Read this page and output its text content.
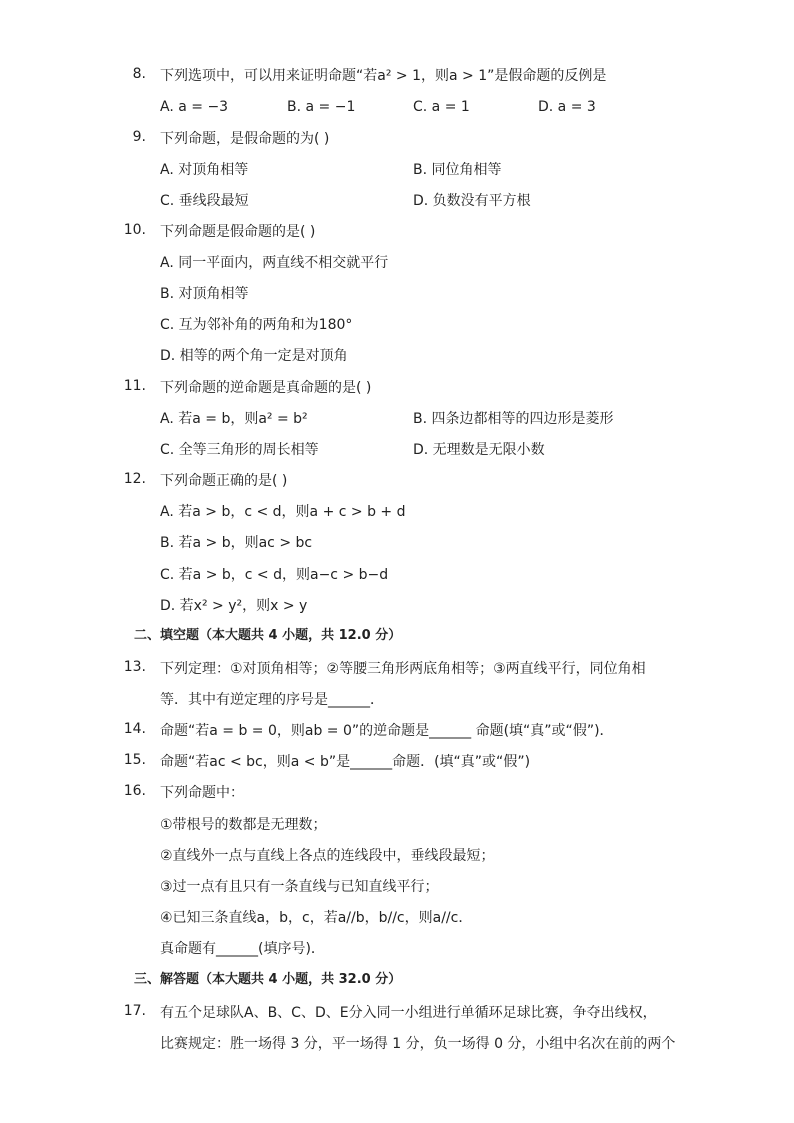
8. 下列选项中，可以用来证明命题“若a² > 1，则a > 1”是假命题的反例是
A. a = −3	B. a = −1	C. a = 1	D. a = 3
9. 下列命题，是假命题的为( )
A. 对顶角相等	B. 同位角相等
C. 垂线段最短	D. 负数没有平方根
10. 下列命题是假命题的是( )
A. 同一平面内，两直线不相交就平行
B. 对顶角相等
C. 互为邻补角的两角和为180°
D. 相等的两个角一定是对顶角
11. 下列命题的逆命题是真命题的是( )
A. 若a = b，则a² = b²	B. 四条边都相等的四边形是菱形
C. 全等三角形的周长相等	D. 无理数是无限小数
12. 下列命题正确的是( )
A. 若a > b，c < d，则a + c > b + d
B. 若a > b，则ac > bc
C. 若a > b，c < d，则a−c > b−d
D. 若x² > y²，则x > y
二、填空题（本大题共 4 小题，共 12.0 分）
13. 下列定理：①对顶角相等；②等腰三角形两底角相等；③两直线平行，同位角相
等．其中有逆定理的序号是______．
14. 命题“若a = b = 0，则ab = 0”的逆命题是______ 命题(填“真”或“假”)．
15. 命题“若ac < bc，则a < b”是______命题．(填“真”或“假”)
16. 下列命题中：
①带根号的数都是无理数；
②直线外一点与直线上各点的连线段中，垂线段最短；
③过一点有且只有一条直线与已知直线平行；
④已知三条直线a，b，c，若a//b，b//c，则a//c．
真命题有______(填序号)．
三、解答题（本大题共 4 小题，共 32.0 分）
17. 有五个足球队A、B、C、D、E分入同一小组进行单循环足球比赛，争夺出线权，
比赛规定：胜一场得 3 分，平一场得 1 分，负一场得 0 分，小组中名次在前的两个
